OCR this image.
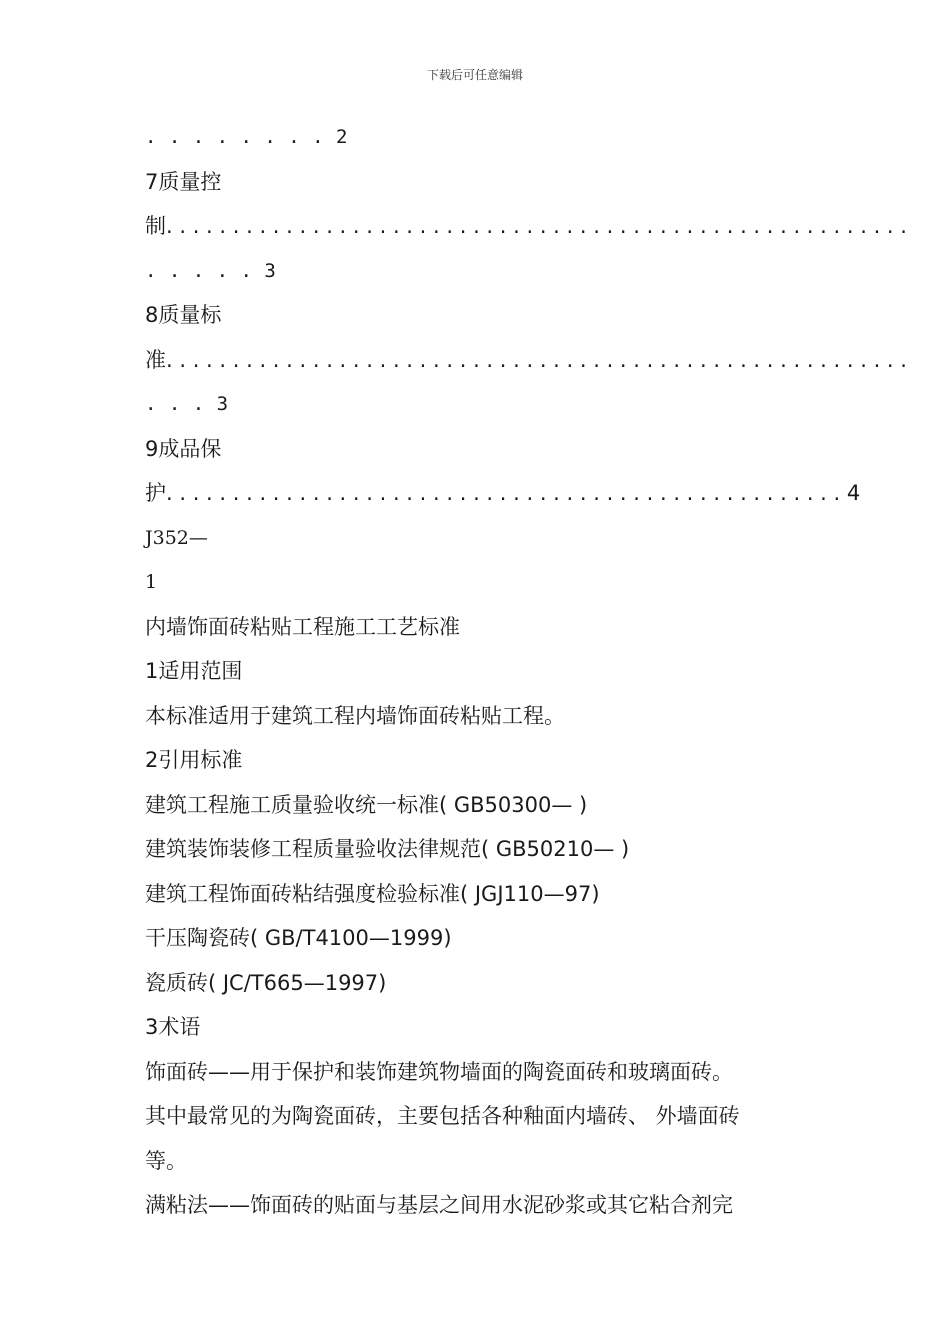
下载后可任意编辑
. . . . . . . . 2
7质量控
制. . . . . . . . . . . . . . . . . . . . . . . . . . . . . . . . . . . . . . . . . . . . . . . . . . . . . . . .
. . . . . 3
8质量标
准. . . . . . . . . . . . . . . . . . . . . . . . . . . . . . . . . . . . . . . . . . . . . . . . . . . . . . . .
. . . 3
9成品保
护. . . . . . . . . . . . . . . . . . . . . . . . . . . . . . . . . . . . . . . . . . . . . . . . . . . 4
J352—
1
内墙饰面砖粘贴工程施工工艺标准
1适用范围
本标准适用于建筑工程内墙饰面砖粘贴工程。
2引用标准
建筑工程施工质量验收统一标准( GB50300— )
建筑装饰装修工程质量验收法律规范( GB50210— )
建筑工程饰面砖粘结强度检验标准( JGJ110—97)
干压陶瓷砖( GB/T4100—1999)
瓷质砖( JC/T665—1997)
3术语
饰面砖——用于保护和装饰建筑物墙面的陶瓷面砖和玻璃面砖。
其中最常见的为陶瓷面砖，主要包括各种釉面内墙砖、 外墙面砖
等。
满粘法——饰面砖的贴面与基层之间用水泥砂浆或其它粘合剂完
